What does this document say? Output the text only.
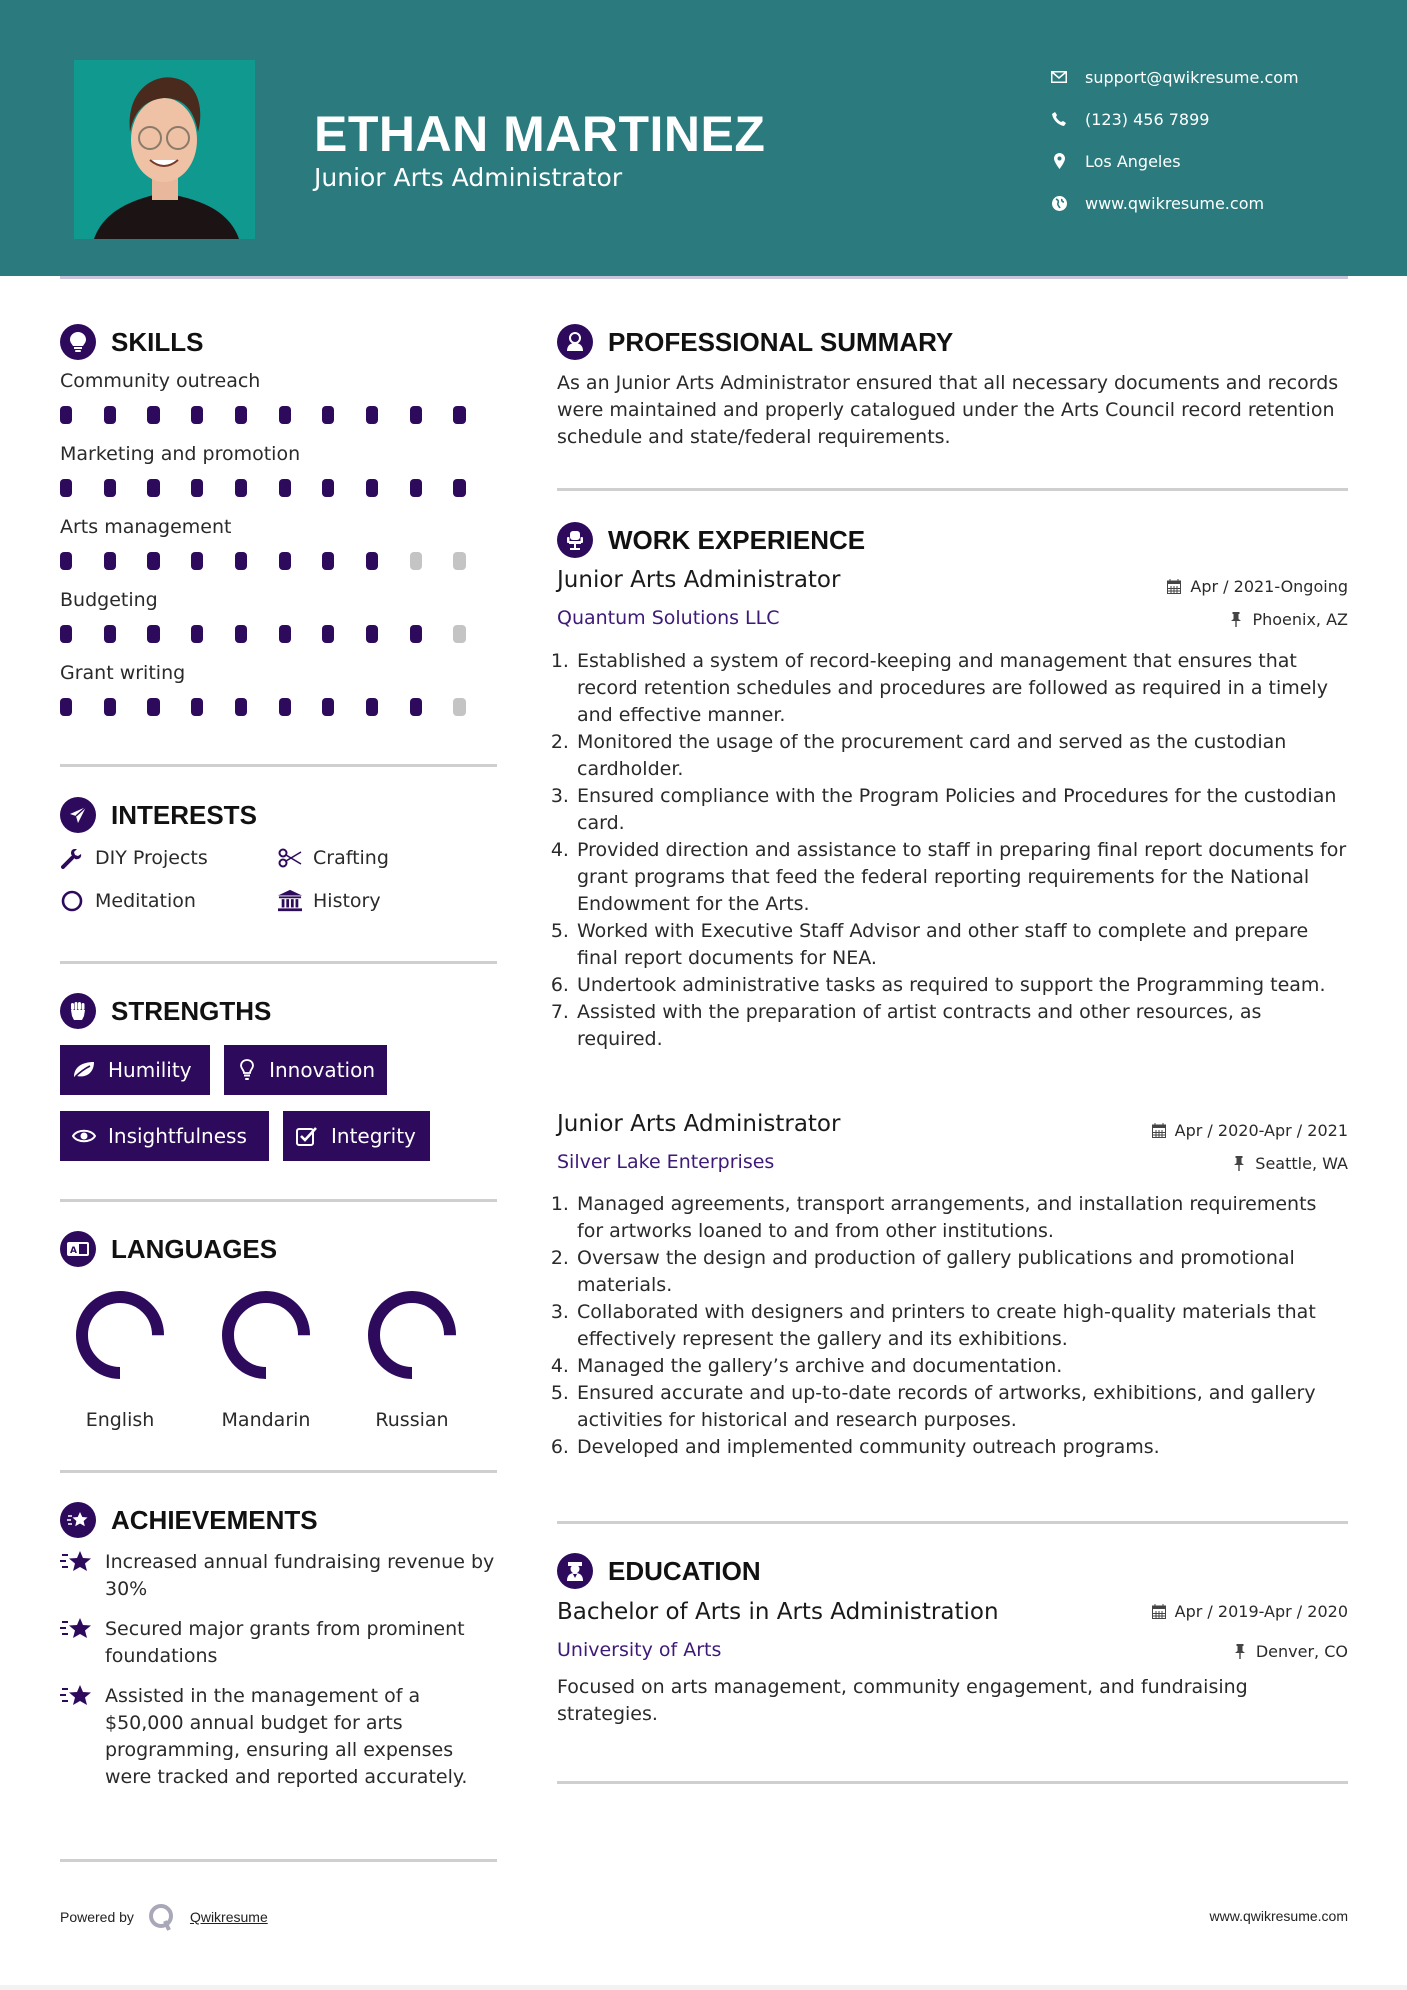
ETHAN MARTINEZ
Junior Arts Administrator
support@qwikresume.com
(123) 456 7899
Los Angeles
www.qwikresume.com
SKILLS
Community outreach
Marketing and promotion
Arts management
Budgeting
Grant writing
INTERESTS
DIY Projects	Crafting
Meditation	History
STRENGTHS
Humility	Innovation
Insightfulness	Integrity
A LANGUAGES
English	Mandarin	Russian
ACHIEVEMENTS
Increased annual fundraising revenue by 30%
Secured major grants from prominent foundations
Assisted in the management of a $50,000 annual budget for arts programming, ensuring all expenses were tracked and reported accurately.
PROFESSIONAL SUMMARY
As an Junior Arts Administrator ensured that all necessary documents and records were maintained and properly catalogued under the Arts Council record retention schedule and state/federal requirements.
WORK EXPERIENCE
Junior Arts Administrator	Apr / 2021-Ongoing
Quantum Solutions LLC	Phoenix, AZ
1. Established a system of record-keeping and management that ensures that record retention schedules and procedures are followed as required in a timely and effective manner.
2. Monitored the usage of the procurement card and served as the custodian cardholder.
3. Ensured compliance with the Program Policies and Procedures for the custodian card.
4. Provided direction and assistance to staff in preparing final report documents for grant programs that feed the federal reporting requirements for the National Endowment for the Arts.
5. Worked with Executive Staff Advisor and other staff to complete and prepare final report documents for NEA.
6. Undertook administrative tasks as required to support the Programming team.
7. Assisted with the preparation of artist contracts and other resources, as required.
Junior Arts Administrator	Apr / 2020-Apr / 2021
Silver Lake Enterprises	Seattle, WA
1. Managed agreements, transport arrangements, and installation requirements for artworks loaned to and from other institutions.
2. Oversaw the design and production of gallery publications and promotional materials.
3. Collaborated with designers and printers to create high-quality materials that effectively represent the gallery and its exhibitions.
4. Managed the gallery’s archive and documentation.
5. Ensured accurate and up-to-date records of artworks, exhibitions, and gallery activities for historical and research purposes.
6. Developed and implemented community outreach programs.
EDUCATION
Bachelor of Arts in Arts Administration	Apr / 2019-Apr / 2020
University of Arts	Denver, CO
Focused on arts management, community engagement, and fundraising strategies.
Powered by	Qwikresume	www.qwikresume.com
